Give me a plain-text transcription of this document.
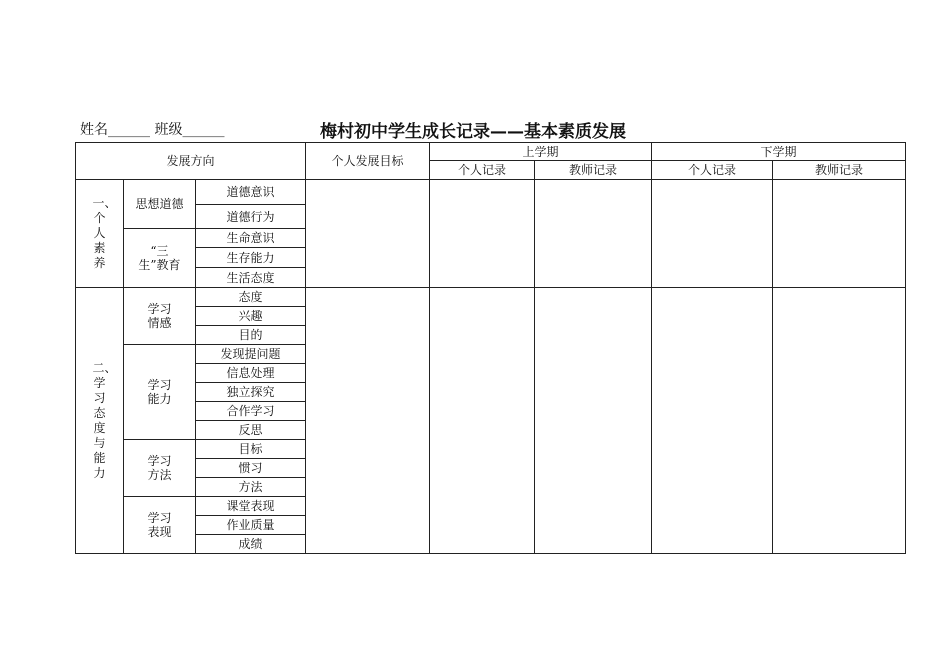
姓名______ 班级______	梅村初中学生成长记录——基本素质发展
发展方向			个人发展目标	上学期		下学期	
				个人记录	教师记录	个人记录	教师记录
一、个人素养	思想道德	道德意识					
		道德行为					
	“三生”教育	生命意识					
		生存能力					
		生活态度					
二、学习态度与能力	学习情感	态度					
		兴趣					
		目的					
	学习能力	发现提问题					
		信息处理					
		独立探究					
		合作学习					
		反思					
	学习方法	目标					
		惯习					
		方法					
	学习表现	课堂表现					
		作业质量					
		成绩					
